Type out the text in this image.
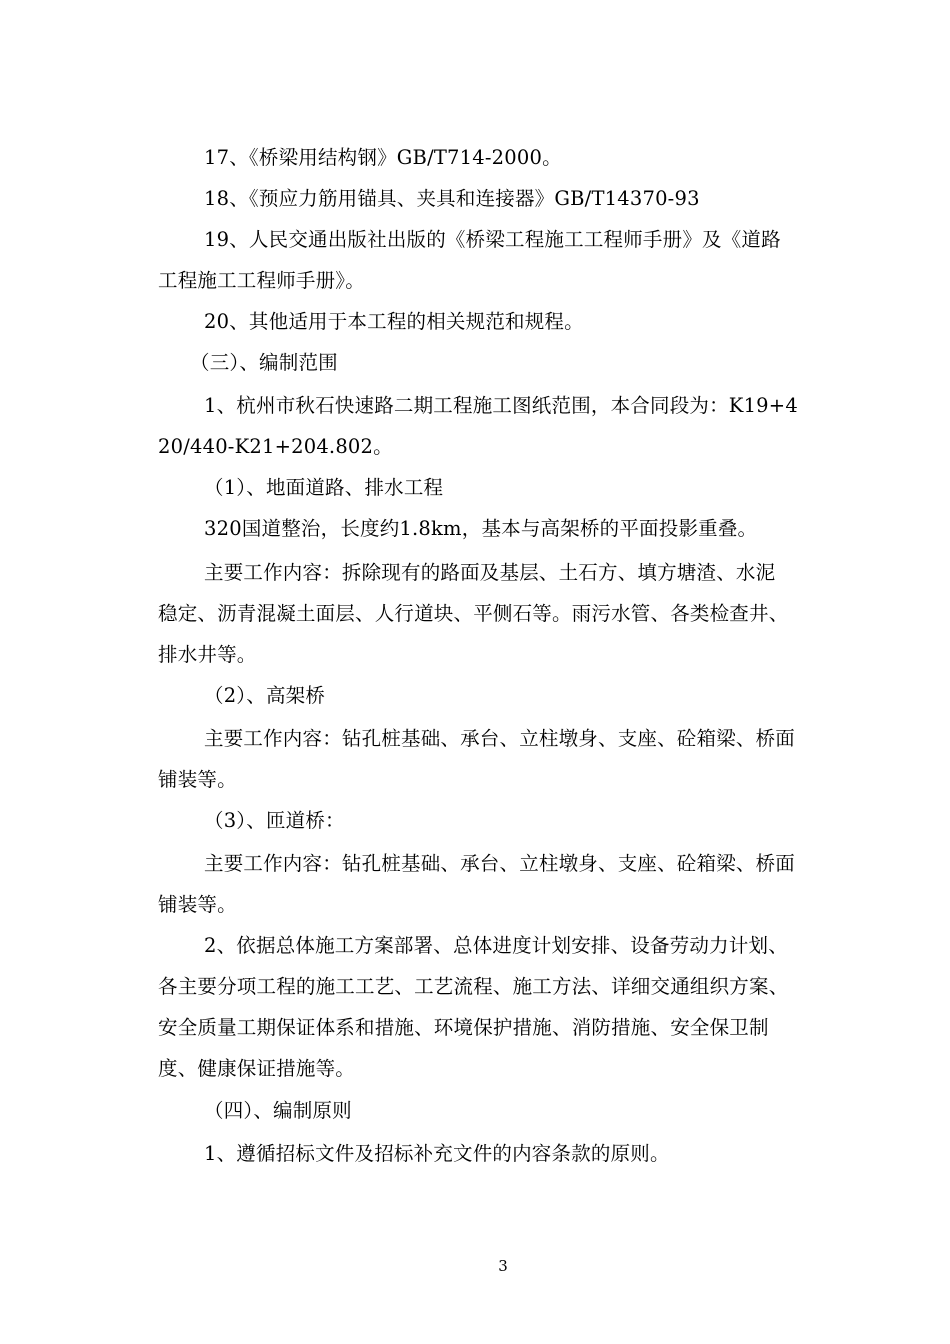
17、《桥梁用结构钢》GB/T714-2000。
18、《预应力筋用锚具、夹具和连接器》GB/T14370-93
19、人民交通出版社出版的《桥梁工程施工工程师手册》及《道路
工程施工工程师手册》。
20、其他适用于本工程的相关规范和规程。
（三）、编制范围
1、杭州市秋石快速路二期工程施工图纸范围，本合同段为：K19+4
20/440-K21+204.802。
（1）、地面道路、排水工程
320国道整治，长度约1.8km，基本与高架桥的平面投影重叠。
主要工作内容：拆除现有的路面及基层、土石方、填方塘渣、水泥
稳定、沥青混凝土面层、人行道块、平侧石等。雨污水管、各类检查井、
排水井等。
（2）、高架桥
主要工作内容：钻孔桩基础、承台、立柱墩身、支座、砼箱梁、桥面
铺装等。
（3）、匝道桥：
主要工作内容：钻孔桩基础、承台、立柱墩身、支座、砼箱梁、桥面
铺装等。
2、依据总体施工方案部署、总体进度计划安排、设备劳动力计划、
各主要分项工程的施工工艺、工艺流程、施工方法、详细交通组织方案、
安全质量工期保证体系和措施、环境保护措施、消防措施、安全保卫制
度、健康保证措施等。
（四）、编制原则
1、遵循招标文件及招标补充文件的内容条款的原则。
3
